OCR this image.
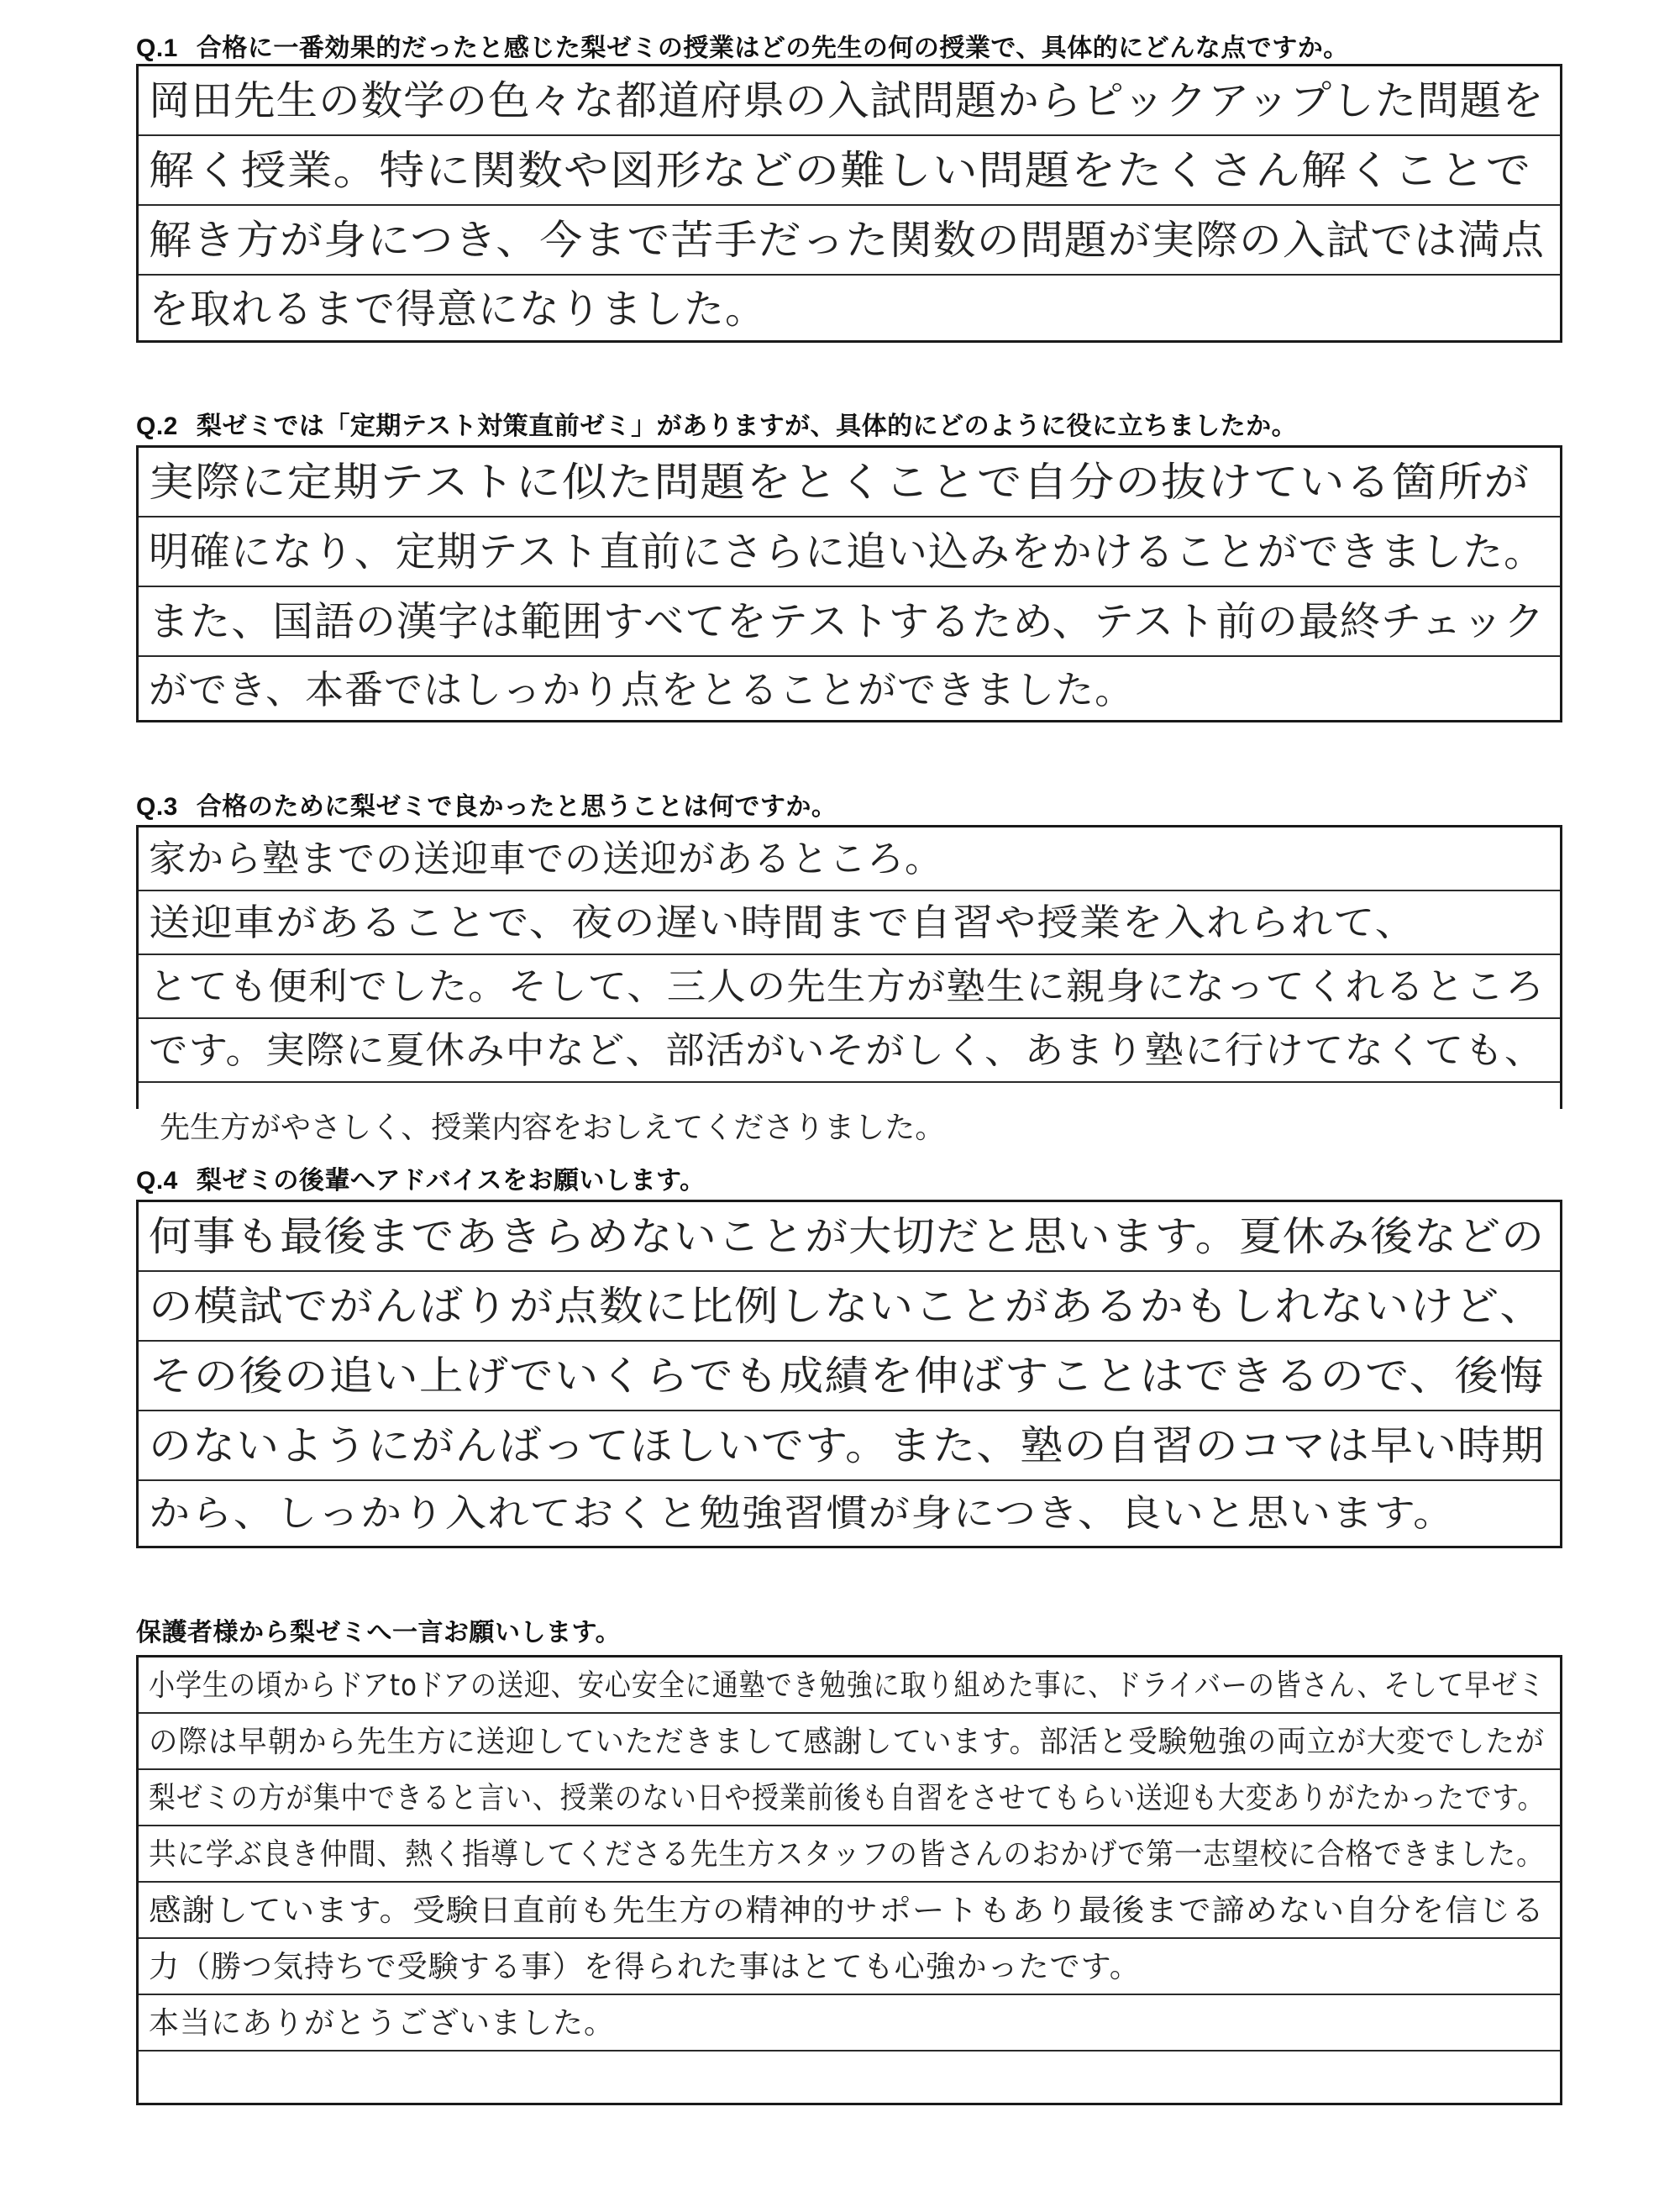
Q.1 合格に一番効果的だったと感じた梨ゼミの授業はどの先生の何の授業で、具体的にどんな点ですか。
岡田先生の数学の色々な都道府県の入試問題からピックアップした問題を
解く授業。特に関数や図形などの難しい問題をたくさん解くことで
解き方が身につき、今まで苦手だった関数の問題が実際の入試では満点
を取れるまで得意になりました。
Q.2 梨ゼミでは「定期テスト対策直前ゼミ」がありますが、具体的にどのように役に立ちましたか。
実際に定期テストに似た問題をとくことで自分の抜けている箇所が
明確になり、定期テスト直前にさらに追い込みをかけることができました。
また、国語の漢字は範囲すべてをテストするため、テスト前の最終チェック
ができ、本番ではしっかり点をとることができました。
Q.3 合格のために梨ゼミで良かったと思うことは何ですか。
家から塾までの送迎車での送迎があるところ。
送迎車があることで、夜の遅い時間まで自習や授業を入れられて、
とても便利でした。そして、三人の先生方が塾生に親身になってくれるところ
です。実際に夏休み中など、部活がいそがしく、あまり塾に行けてなくても、
先生方がやさしく、授業内容をおしえてくださりました。
Q.4 梨ゼミの後輩へアドバイスをお願いします。
何事も最後まであきらめないことが大切だと思います。夏休み後などの
の模試でがんばりが点数に比例しないことがあるかもしれないけど、
その後の追い上げでいくらでも成績を伸ばすことはできるので、後悔
のないようにがんばってほしいです。また、塾の自習のコマは早い時期
から、しっかり入れておくと勉強習慣が身につき、良いと思います。
保護者様から梨ゼミへ一言お願いします。
小学生の頃からドアtoドアの送迎、安心安全に通塾でき勉強に取り組めた事に、ドライバーの皆さん、そして早ゼミ
の際は早朝から先生方に送迎していただきまして感謝しています。部活と受験勉強の両立が大変でしたが
梨ゼミの方が集中できると言い、授業のない日や授業前後も自習をさせてもらい送迎も大変ありがたかったです。
共に学ぶ良き仲間、熱く指導してくださる先生方スタッフの皆さんのおかげで第一志望校に合格できました。
感謝しています。受験日直前も先生方の精神的サポートもあり最後まで諦めない自分を信じる
力（勝つ気持ちで受験する事）を得られた事はとても心強かったです。
本当にありがとうございました。
